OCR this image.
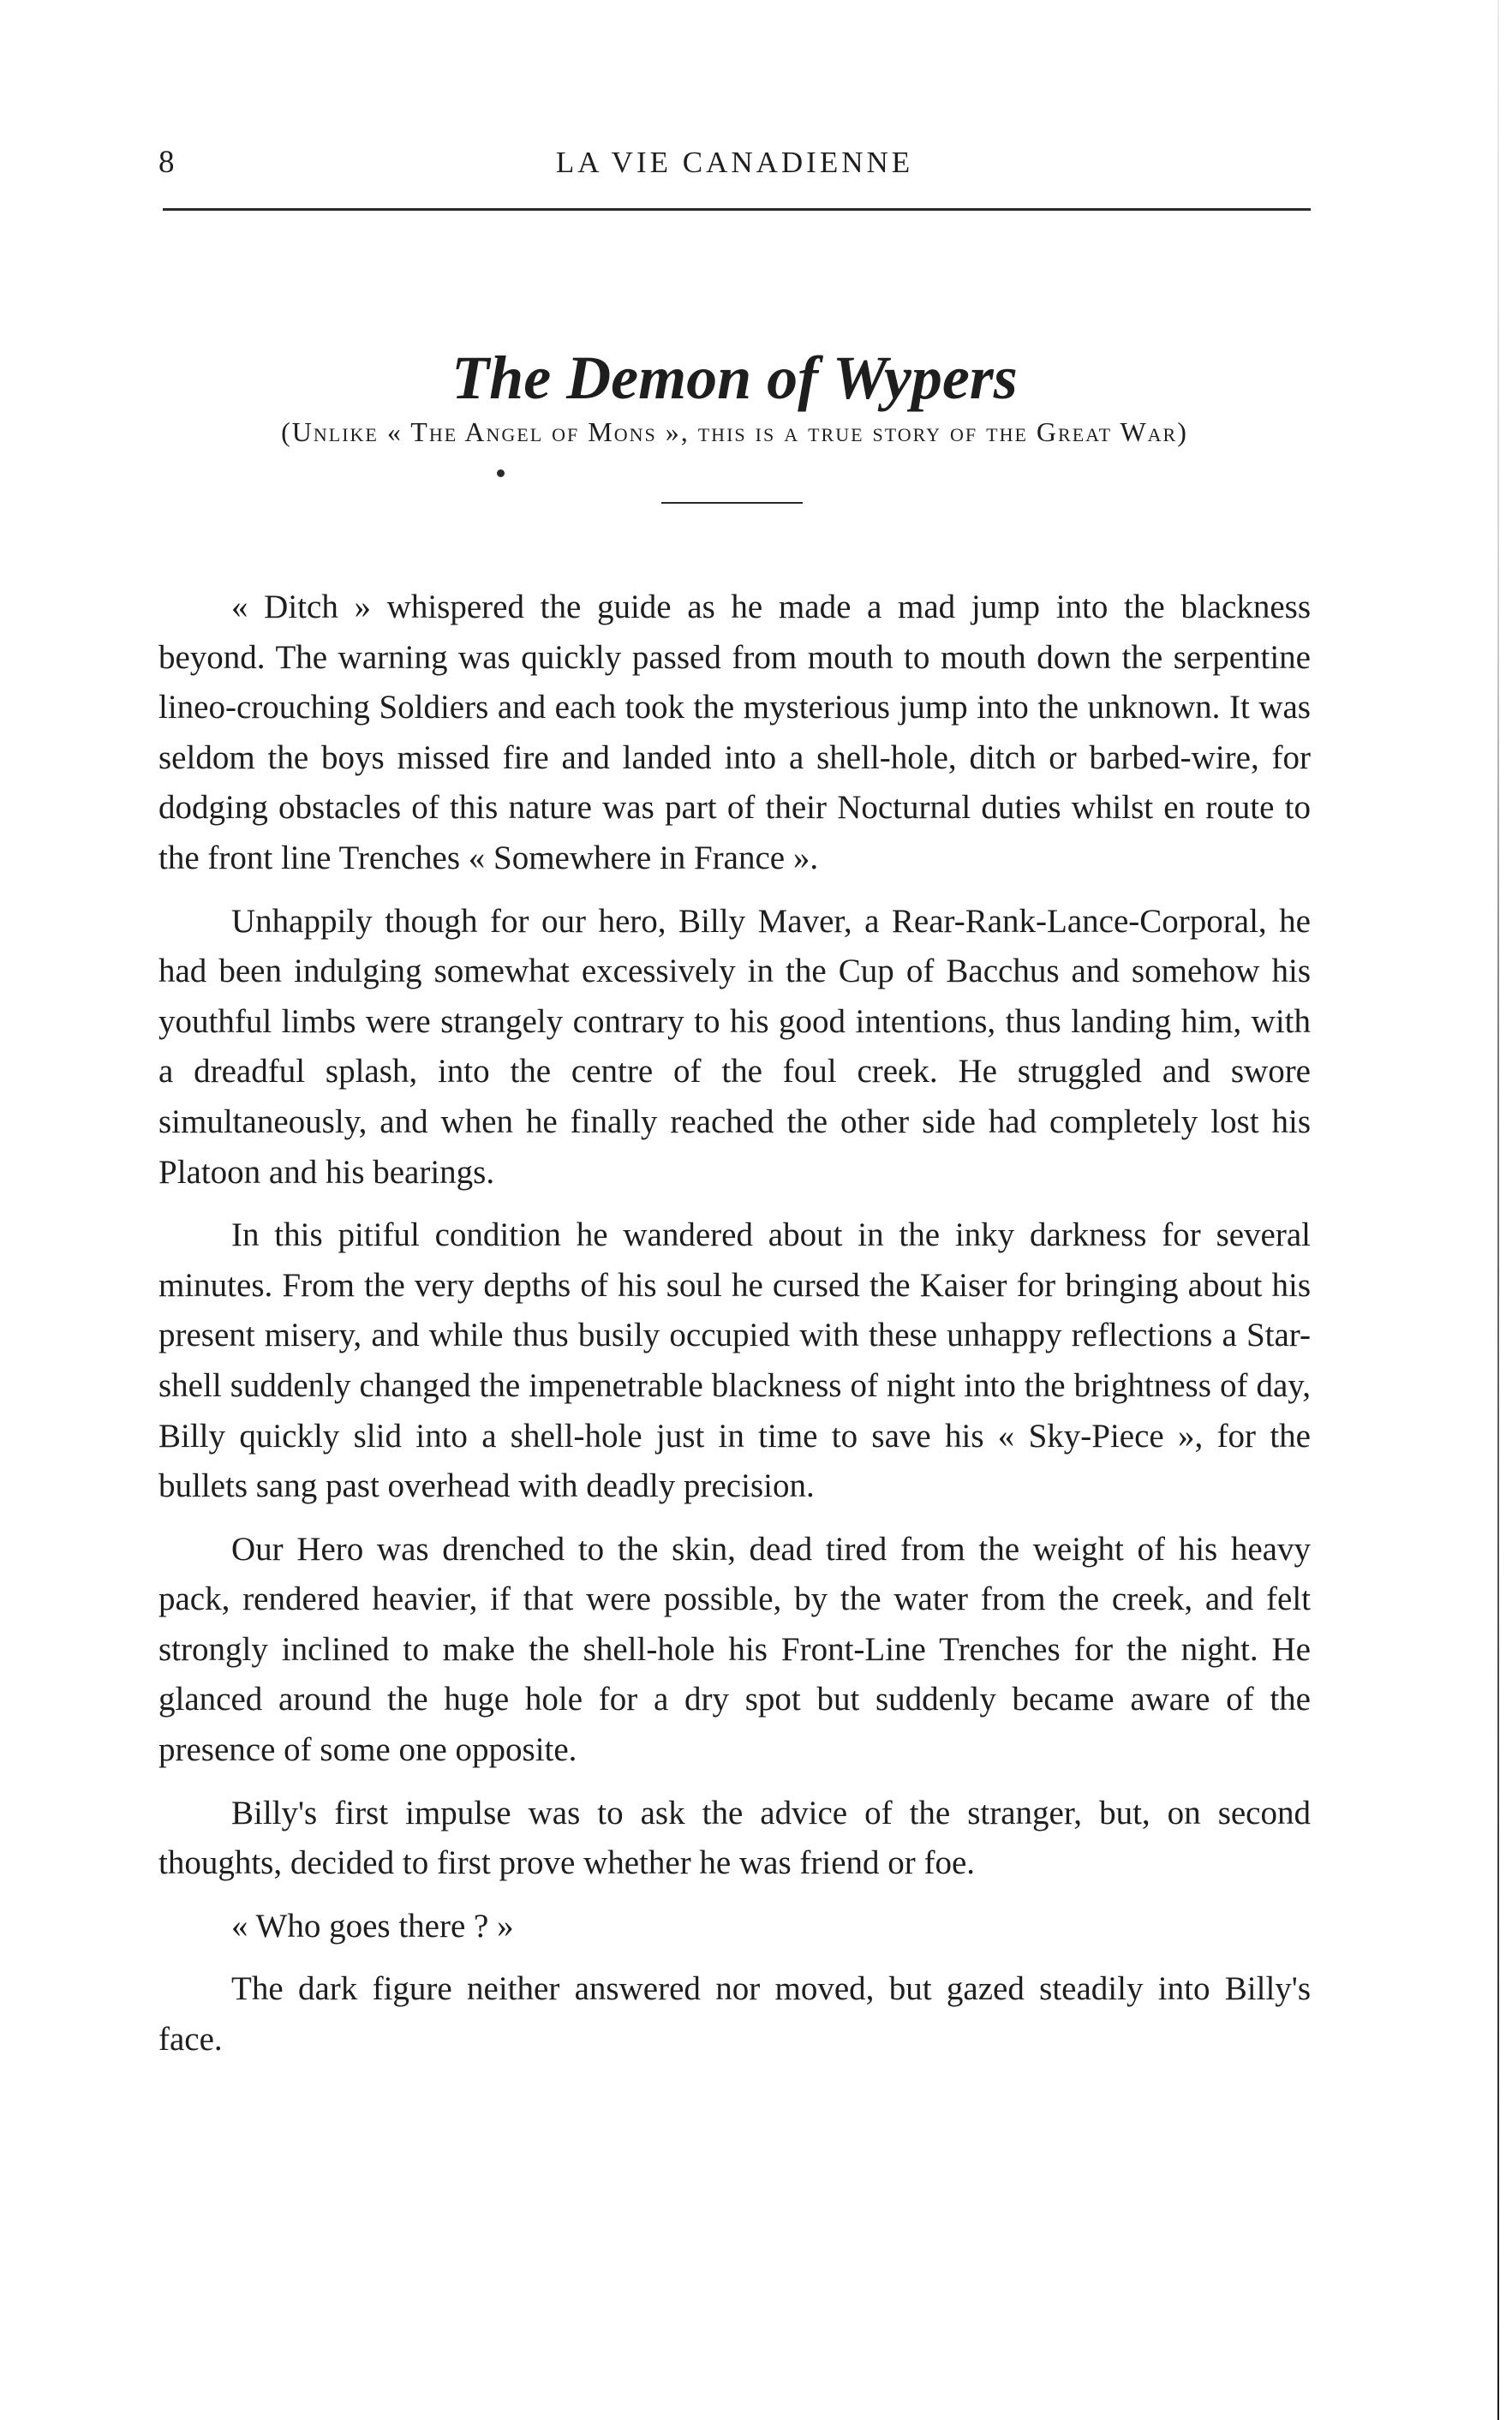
8	LA VIE CANADIENNE
The Demon of Wypers
(Unlike « The Angel of Mons », this is a true story of the Great War)

« Ditch » whispered the guide as he made a mad jump into the blackness beyond. The warning was quickly passed from mouth to mouth down the serpentine lineo-crouching Soldiers and each took the mysterious jump into the unknown. It was seldom the boys missed fire and landed into a shell-hole, ditch or barbed-wire, for dodging obstacles of this nature was part of their Nocturnal duties whilst en route to the front line Trenches « Somewhere in France ».

Unhappily though for our hero, Billy Maver, a Rear-Rank-Lance-Corporal, he had been indulging somewhat excessively in the Cup of Bacchus and somehow his youthful limbs were strangely contrary to his good intentions, thus landing him, with a dreadful splash, into the centre of the foul creek. He struggled and swore simultaneously, and when he finally reached the other side had completely lost his Platoon and his bearings.

In this pitiful condition he wandered about in the inky darkness for several minutes. From the very depths of his soul he cursed the Kaiser for bringing about his present misery, and while thus busily occupied with these unhappy reflections a Star-shell suddenly changed the impenetrable blackness of night into the brightness of day, Billy quickly slid into a shell-hole just in time to save his « Sky-Piece », for the bullets sang past overhead with deadly precision.

Our Hero was drenched to the skin, dead tired from the weight of his heavy pack, rendered heavier, if that were possible, by the water from the creek, and felt strongly inclined to make the shell-hole his Front-Line Trenches for the night. He glanced around the huge hole for a dry spot but suddenly became aware of the presence of some one opposite.

Billy's first impulse was to ask the advice of the stranger, but, on second thoughts, decided to first prove whether he was friend or foe.

« Who goes there ? »

The dark figure neither answered nor moved, but gazed steadily into Billy's face.
